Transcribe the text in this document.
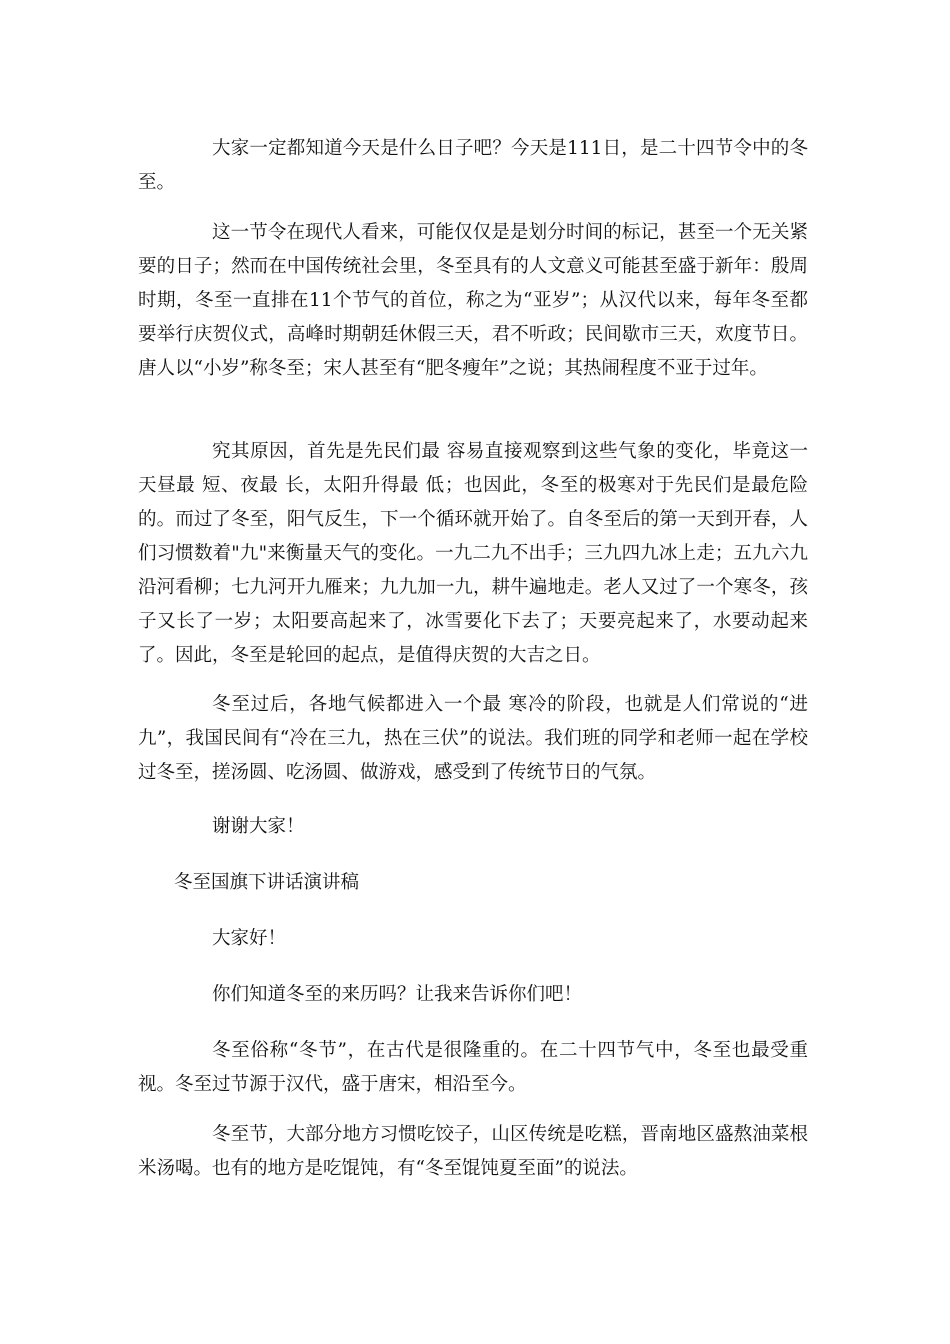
大家一定都知道今天是什么日子吧？今天是111日，是二十四节令中的冬至。

这一节令在现代人看来，可能仅仅是是划分时间的标记，甚至一个无关紧要的日子；然而在中国传统社会里，冬至具有的人文意义可能甚至盛于新年：殷周时期，冬至一直排在11个节气的首位，称之为“亚岁”；从汉代以来，每年冬至都要举行庆贺仪式，高峰时期朝廷休假三天，君不听政；民间歇市三天，欢度节日。唐人以“小岁”称冬至；宋人甚至有“肥冬瘦年”之说；其热闹程度不亚于过年。

究其原因，首先是先民们最 容易直接观察到这些气象的变化，毕竟这一天昼最 短、夜最 长，太阳升得最 低；也因此，冬至的极寒对于先民们是最危险的。而过了冬至，阳气反生，下一个循环就开始了。自冬至后的第一天到开春，人们习惯数着"九"来衡量天气的变化。一九二九不出手；三九四九冰上走；五九六九沿河看柳；七九河开九雁来；九九加一九，耕牛遍地走。老人又过了一个寒冬，孩子又长了一岁；太阳要高起来了，冰雪要化下去了；天要亮起来了，水要动起来了。因此，冬至是轮回的起点，是值得庆贺的大吉之日。

冬至过后，各地气候都进入一个最 寒冷的阶段，也就是人们常说的“进九”，我国民间有“冷在三九，热在三伏”的说法。我们班的同学和老师一起在学校过冬至，搓汤圆、吃汤圆、做游戏，感受到了传统节日的气氛。

谢谢大家！

冬至国旗下讲话演讲稿

大家好！

你们知道冬至的来历吗？让我来告诉你们吧！

冬至俗称“冬节”，在古代是很隆重的。在二十四节气中，冬至也最受重视。冬至过节源于汉代，盛于唐宋，相沿至今。

冬至节，大部分地方习惯吃饺子，山区传统是吃糕，晋南地区盛熬油菜根米汤喝。也有的地方是吃馄饨，有“冬至馄饨夏至面”的说法。
